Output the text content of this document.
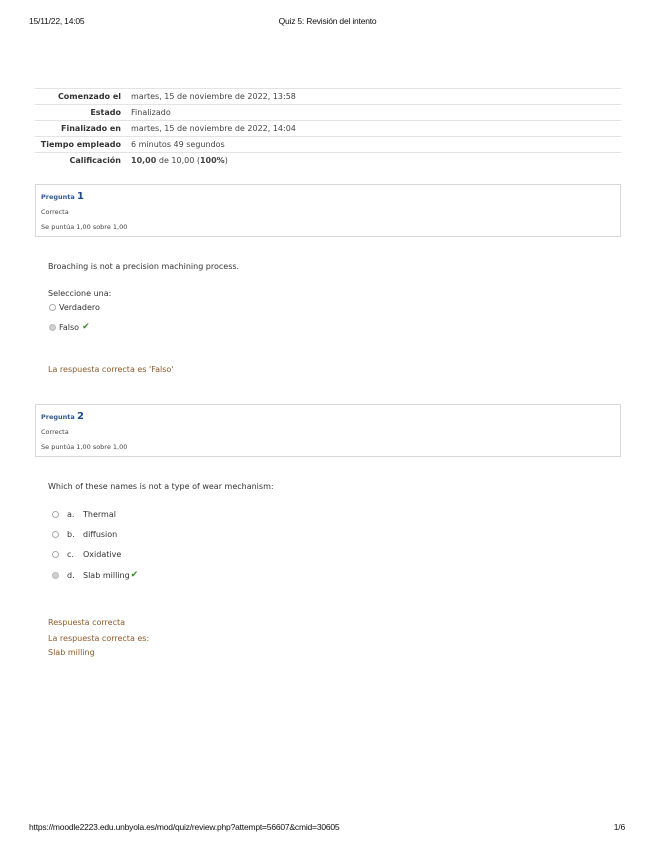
15/11/22, 14:05	Quiz 5: Revisión del intento
Comenzado el	martes, 15 de noviembre de 2022, 13:58
Estado	Finalizado
Finalizado en	martes, 15 de noviembre de 2022, 14:04
Tiempo empleado	6 minutos 49 segundos
Calificación	10,00 de 10,00 (100%)
Pregunta 1
Correcta
Se puntúa 1,00 sobre 1,00
Broaching is not a precision machining process.
Seleccione una:
Verdadero
Falso ✔
La respuesta correcta es 'Falso'
Pregunta 2
Correcta
Se puntúa 1,00 sobre 1,00
Which of these names is not a type of wear mechanism:
a.	Thermal
b.	diffusion
c.	Oxidative
d.	Slab milling ✔
Respuesta correcta
La respuesta correcta es:
Slab milling
https://moodle2223.edu.unbyola.es/mod/quiz/review.php?attempt=56607&cmid=30605	1/6
